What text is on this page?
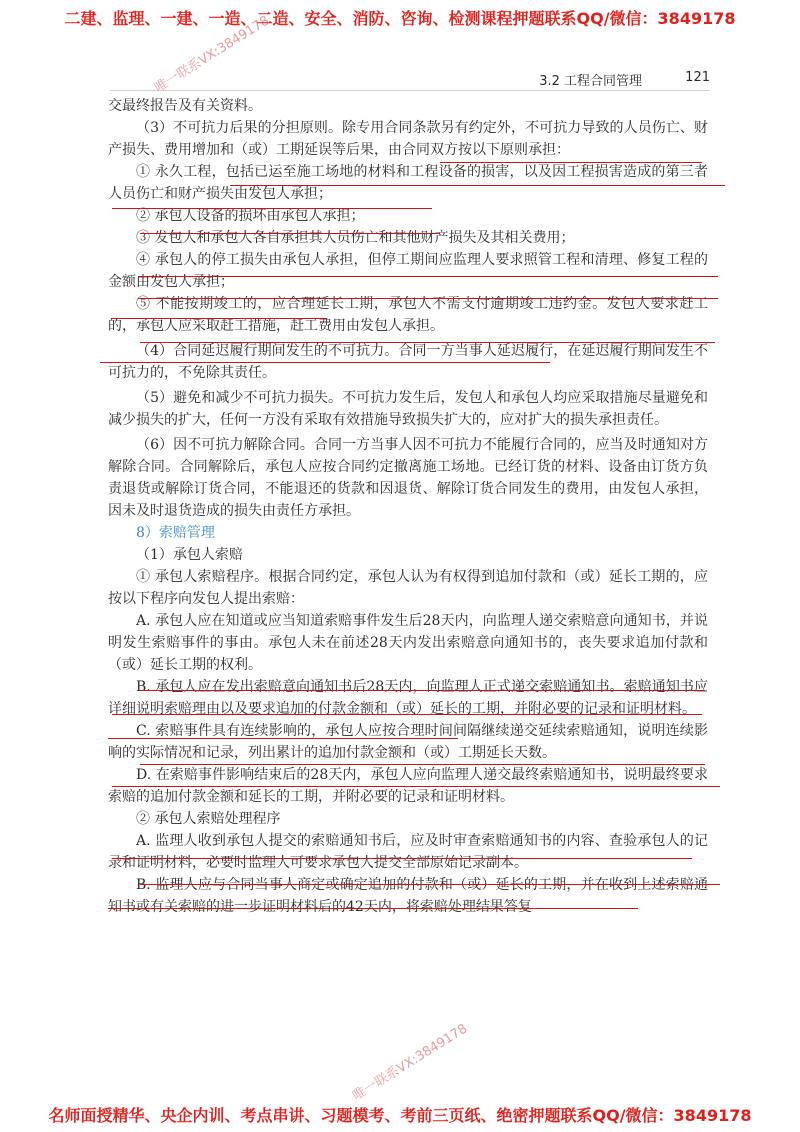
二建、监理、一建、一造、二造、安全、消防、咨询、检测课程押题联系QQ/微信：3849178
3.2 工程合同管理	121
唯一联系VX:3849178
唯一联系VX:3849178

交最终报告及有关资料。

（3）不可抗力后果的分担原则。除专用合同条款另有约定外，不可抗力导致的人员伤亡、财产损失、费用增加和（或）工期延误等后果，由合同双方按以下原则承担：

① 永久工程，包括已运至施工场地的材料和工程设备的损害，以及因工程损害造成的第三者人员伤亡和财产损失由发包人承担；

② 承包人设备的损坏由承包人承担；

③ 发包人和承包人各自承担其人员伤亡和其他财产损失及其相关费用；

④ 承包人的停工损失由承包人承担，但停工期间应监理人要求照管工程和清理、修复工程的金额由发包人承担；

⑤ 不能按期竣工的，应合理延长工期，承包人不需支付逾期竣工违约金。发包人要求赶工的，承包人应采取赶工措施，赶工费用由发包人承担。

（4）合同延迟履行期间发生的不可抗力。合同一方当事人延迟履行，在延迟履行期间发生不可抗力的，不免除其责任。

（5）避免和减少不可抗力损失。不可抗力发生后，发包人和承包人均应采取措施尽量避免和减少损失的扩大，任何一方没有采取有效措施导致损失扩大的，应对扩大的损失承担责任。

（6）因不可抗力解除合同。合同一方当事人因不可抗力不能履行合同的，应当及时通知对方解除合同。合同解除后，承包人应按合同约定撤离施工场地。已经订货的材料、设备由订货方负责退货或解除订货合同，不能退还的货款和因退货、解除订货合同发生的费用，由发包人承担，因未及时退货造成的损失由责任方承担。

8）索赔管理

（1）承包人索赔

① 承包人索赔程序。根据合同约定，承包人认为有权得到追加付款和（或）延长工期的，应按以下程序向发包人提出索赔：

A. 承包人应在知道或应当知道索赔事件发生后28天内，向监理人递交索赔意向通知书，并说明发生索赔事件的事由。承包人未在前述28天内发出索赔意向通知书的，丧失要求追加付款和（或）延长工期的权利。

B. 承包人应在发出索赔意向通知书后28天内，向监理人正式递交索赔通知书。索赔通知书应详细说明索赔理由以及要求追加的付款金额和（或）延长的工期，并附必要的记录和证明材料。

C. 索赔事件具有连续影响的，承包人应按合理时间间隔继续递交延续索赔通知，说明连续影响的实际情况和记录，列出累计的追加付款金额和（或）工期延长天数。

D. 在索赔事件影响结束后的28天内，承包人应向监理人递交最终索赔通知书，说明最终要求索赔的追加付款金额和延长的工期，并附必要的记录和证明材料。

② 承包人索赔处理程序

A. 监理人收到承包人提交的索赔通知书后，应及时审查索赔通知书的内容、查验承包人的记录和证明材料，必要时监理人可要求承包人提交全部原始记录副本。

B. 监理人应与合同当事人商定或确定追加的付款和（或）延长的工期，并在收到上述索赔通知书或有关索赔的进一步证明材料后的42天内，将索赔处理结果答复

名师面授精华、央企内训、考点串讲、习题模考、考前三页纸、绝密押题联系QQ/微信：3849178
